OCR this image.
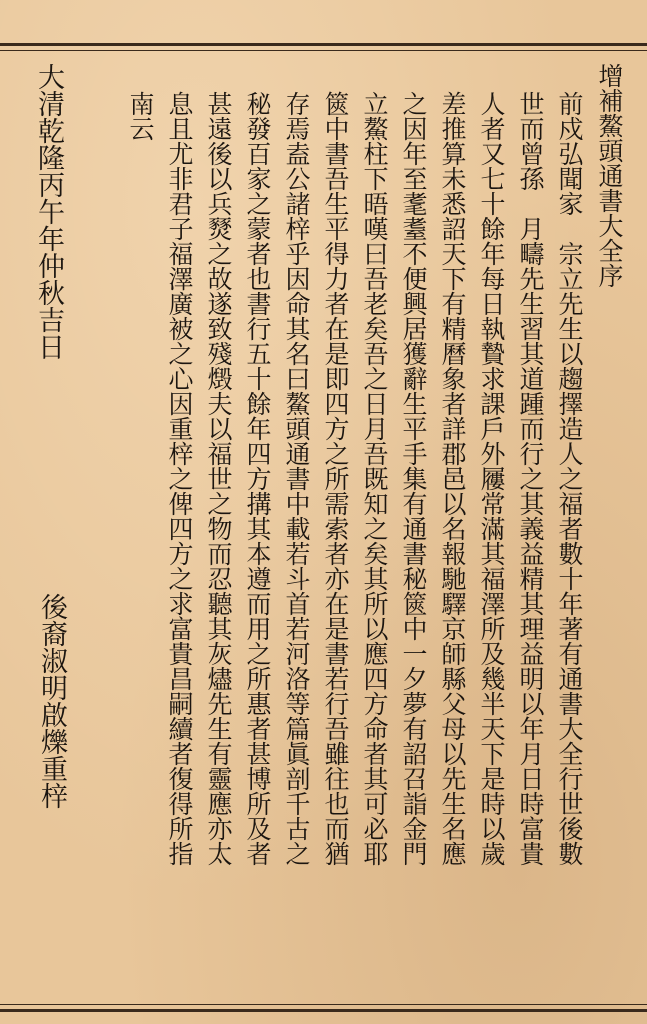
增補鰲頭通書大全序
前戍弘聞家　宗立先生以趨擇造人之福者數十年著有通書大全行世後數
世而曾孫　月疇先生習其道踵而行之其義益精其理益明以年月日時富貴
人者又七十餘年每日執贄求課戶外屨常滿其福澤所及幾半天下是時以歲
差推算未悉詔天下有精曆象者詳郡邑以名報馳驛京師縣父母以先生名應
之因年至耄耋不便興居獲辭生平手集有通書秘篋中一夕夢有詔召詣金門
立鰲柱下晤嘆曰吾老矣吾之日月吾既知之矣其所以應四方命者其可必耶
篋中書吾生平得力者在是即四方之所需索者亦在是書若行吾雖往也而猶
存焉盍公諸梓乎因命其名曰鰲頭通書中載若斗首若河洛等篇眞剖千古之
秘發百家之蒙者也書行五十餘年四方搆其本遵而用之所惠者甚博所及者
甚遠後以兵燹之故遂致殘燬夫以福世之物而忍聽其灰燼先生有靈應亦太
息且尤非君子福澤廣被之心因重梓之俾四方之求富貴昌嗣續者復得所指
南云
大清乾隆丙午年仲秋吉日
後裔淑明啟爍重梓
